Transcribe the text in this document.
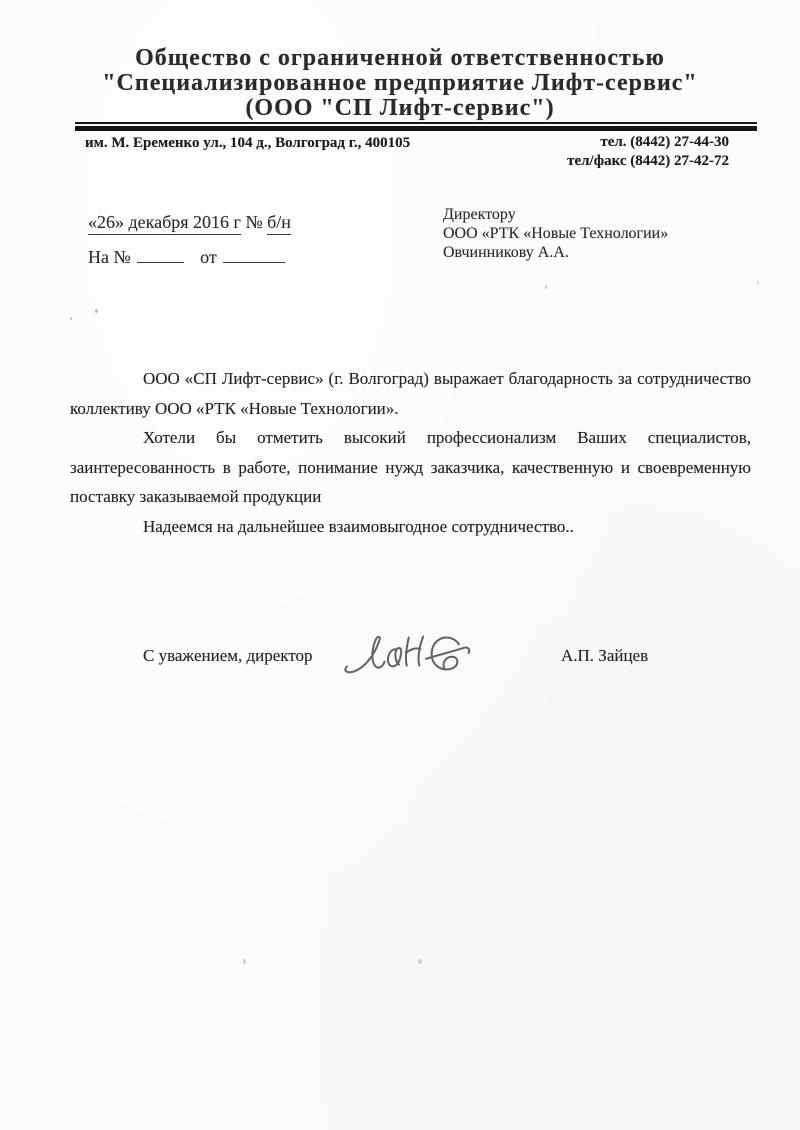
Общество с ограниченной ответственностью
"Специализированное предприятие Лифт-сервис"
(ООО "СП Лифт-сервис")
им. М. Еременко ул., 104 д., Волгоград г., 400105	тел. (8442) 27-44-30
тел/факс (8442) 27-42-72
«26» декабря 2016 г № б/н
На №	от
Директору
ООО «РТК «Новые Технологии»
Овчинникову А.А.

ООО «СП Лифт-сервис» (г. Волгоград) выражает благодарность за сотрудничество коллективу ООО «РТК «Новые Технологии».

Хотели бы отметить высокий профессионализм Ваших специалистов, заинтересованность в работе, понимание нужд заказчика, качественную и своевременную поставку заказываемой продукции

Надеемся на дальнейшее взаимовыгодное сотрудничество..

С уважением, директор	А.П. Зайцев
